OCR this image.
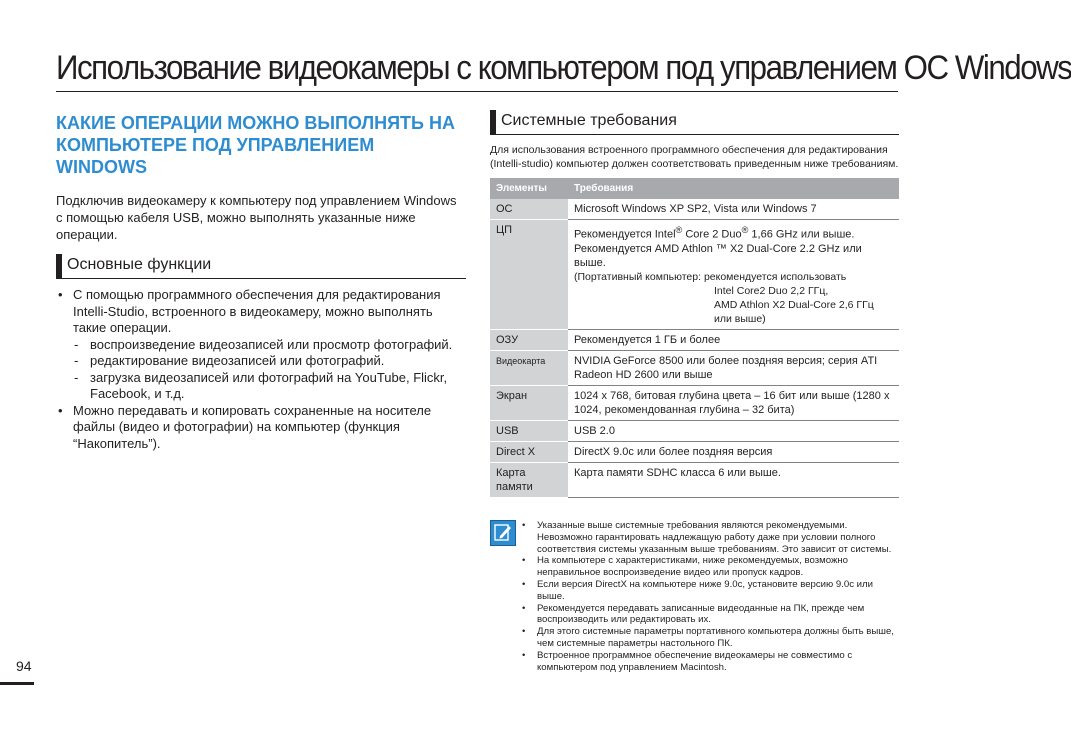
Использование видеокамеры с компьютером под управлением ОС Windows
КАКИЕ ОПЕРАЦИИ МОЖНО ВЫПОЛНЯТЬ НА КОМПЬЮТЕРЕ ПОД УПРАВЛЕНИЕМ WINDOWS
Подключив видеокамеру к компьютеру под управлением Windows с помощью кабеля USB, можно выполнять указанные ниже операции.
Основные функции
• С помощью программного обеспечения для редактирования Intelli-Studio, встроенного в видеокамеру, можно выполнять такие операции.
- воспроизведение видеозаписей или просмотр фотографий.
- редактирование видеозаписей или фотографий.
- загрузка видеозаписей или фотографий на YouTube, Flickr, Facebook, и т.д.
• Можно передавать и копировать сохраненные на носителе файлы (видео и фотографии) на компьютер (функция “Накопитель”).
Системные требования
Для использования встроенного программного обеспечения для редактирования (Intelli-studio) компьютер должен соответствовать приведенным ниже требованиям.
Элементы	Требования
ОС	Microsoft Windows XP SP2, Vista или Windows 7
ЦП	Рекомендуется Intel® Core 2 Duo® 1,66 GHz или выше.
Рекомендуется AMD Athlon ™ X2 Dual-Core 2.2 GHz или выше.
(Портативный компьютер: рекомендуется использовать
Intel Core2 Duo 2,2 ГГц,
AMD Athlon X2 Dual-Core 2,6 ГГц или выше)

ОЗУ	Рекомендуется 1 ГБ и более
Видеокарта	NVIDIA GeForce 8500 или более поздняя версия; серия ATI Radeon HD 2600 или выше
Экран	1024 x 768, битовая глубина цвета – 16 бит или выше (1280 x 1024, рекомендованная глубина – 32 бита)
USB	USB 2.0
Direct X	DirectX 9.0c или более поздняя версия
Карта памяти	Карта памяти SDHC класса 6 или выше.
• Указанные выше системные требования являются рекомендуемыми. Невозможно гарантировать надлежащую работу даже при условии полного соответствия системы указанным выше требованиям. Это зависит от системы.
• На компьютере с характеристиками, ниже рекомендуемых, возможно неправильное воспроизведение видео или пропуск кадров.
• Если версия DirectX на компьютере ниже 9.0c, установите версию 9.0c или выше.
• Рекомендуется передавать записанные видеоданные на ПК, прежде чем воспроизводить или редактировать их.
• Для этого системные параметры портативного компьютера должны быть выше, чем системные параметры настольного ПК.
• Встроенное программное обеспечение видеокамеры не совместимо с компьютером под управлением Macintosh.
94
